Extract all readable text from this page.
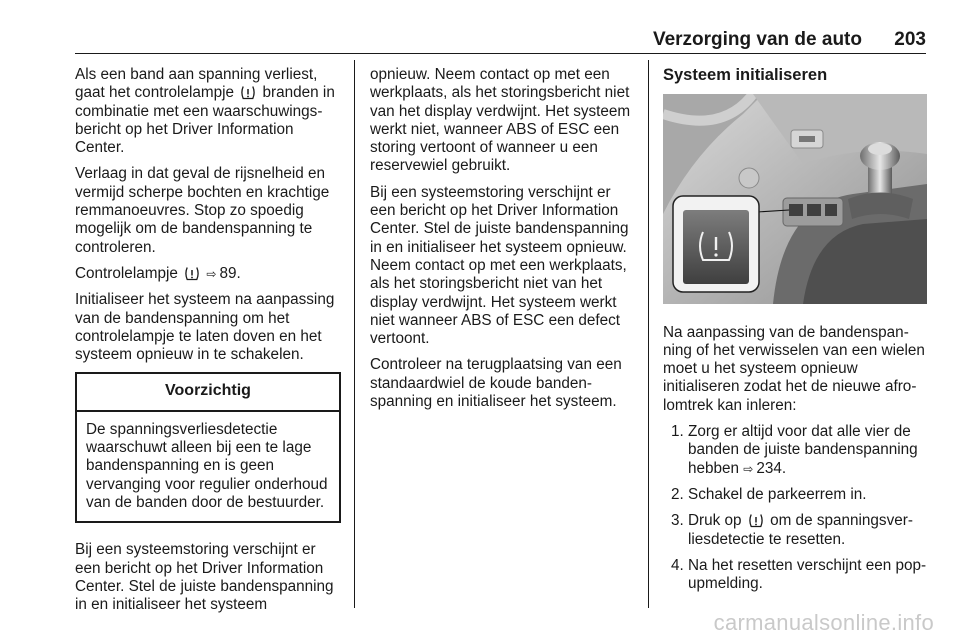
Verzorging van de auto 203

Als een band aan spanning verliest, gaat het controlelampje branden in combinatie met een waarschuwingsbericht op het Driver Information Center.

Verlaag in dat geval de rijsnelheid en vermijd scherpe bochten en krachtige remmanoeuvres. Stop zo spoedig mogelijk om de bandenspanning te controleren.

Controlelampje ⇨ 89.

Initialiseer het systeem na aanpassing van de bandenspanning om het controlelampje te laten doven en het systeem opnieuw in te schakelen.

Voorzichtig
De spanningsverliesdetectie waarschuwt alleen bij een te lage bandenspanning en is geen vervanging voor regulier onderhoud van de banden door de bestuurder.

Bij een systeemstoring verschijnt er een bericht op het Driver Information Center. Stel de juiste bandenspanning in en initialiseer het systeem

opnieuw. Neem contact op met een werkplaats, als het storingsbericht niet van het display verdwijnt. Het systeem werkt niet, wanneer ABS of ESC een storing vertoont of wanneer u een reservewiel gebruikt.

Bij een systeemstoring verschijnt er een bericht op het Driver Information Center. Stel de juiste bandenspanning in en initialiseer het systeem opnieuw. Neem contact op met een werkplaats, als het storingsbericht niet van het display verdwijnt. Het systeem werkt niet wanneer ABS of ESC een defect vertoont.

Controleer na terugplaatsing van een standaardwiel de koude bandenspanning en initialiseer het systeem.

Systeem initialiseren

Na aanpassing van de bandenspanning of het verwisselen van een wielen moet u het systeem opnieuw initialiseren zodat het de nieuwe afrolomtrek kan inleren:

1. Zorg er altijd voor dat alle vier de banden de juiste bandenspanning hebben ⇨ 234.
2. Schakel de parkeerrem in.
3. Druk op om de spanningsverliesdetectie te resetten.
4. Na het resetten verschijnt een pop-upmelding.
carmanualsonline.info
